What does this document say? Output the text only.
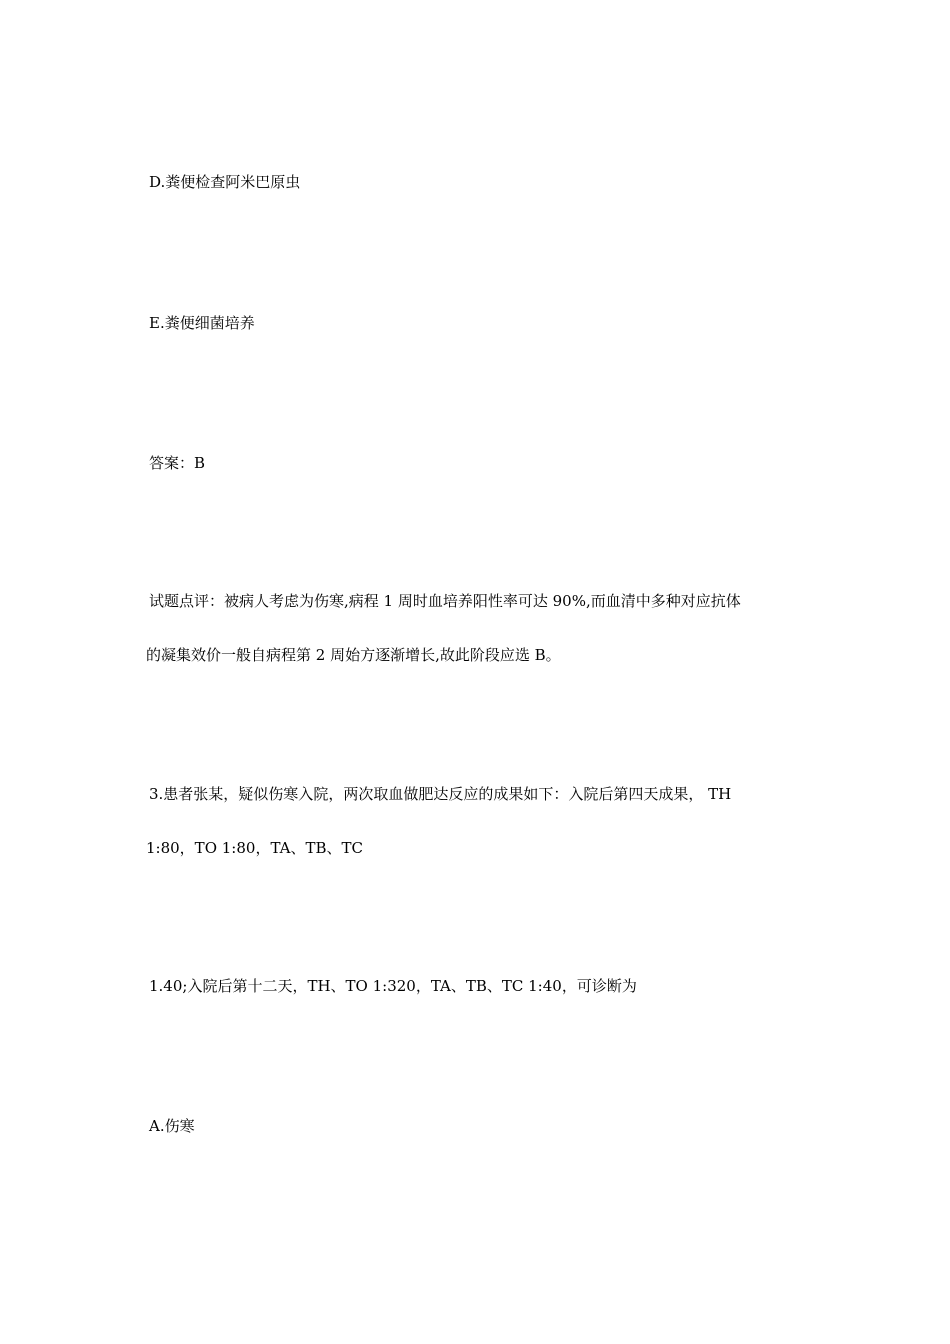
D.粪便检查阿米巴原虫
E.粪便细菌培养
答案：B
试题点评：被病人考虑为伤寒,病程 1 周时血培养阳性率可达 90%,而血清中多种对应抗体
的凝集效价一般自病程第 2 周始方逐渐增长,故此阶段应选 B。
3.患者张某，疑似伤寒入院，两次取血做肥达反应的成果如下：入院后第四天成果， TH
1:80，TO 1:80，TA、TB、TC
1.40;入院后第十二天，TH、TO 1:320，TA、TB、TC 1:40，可诊断为
A.伤寒
